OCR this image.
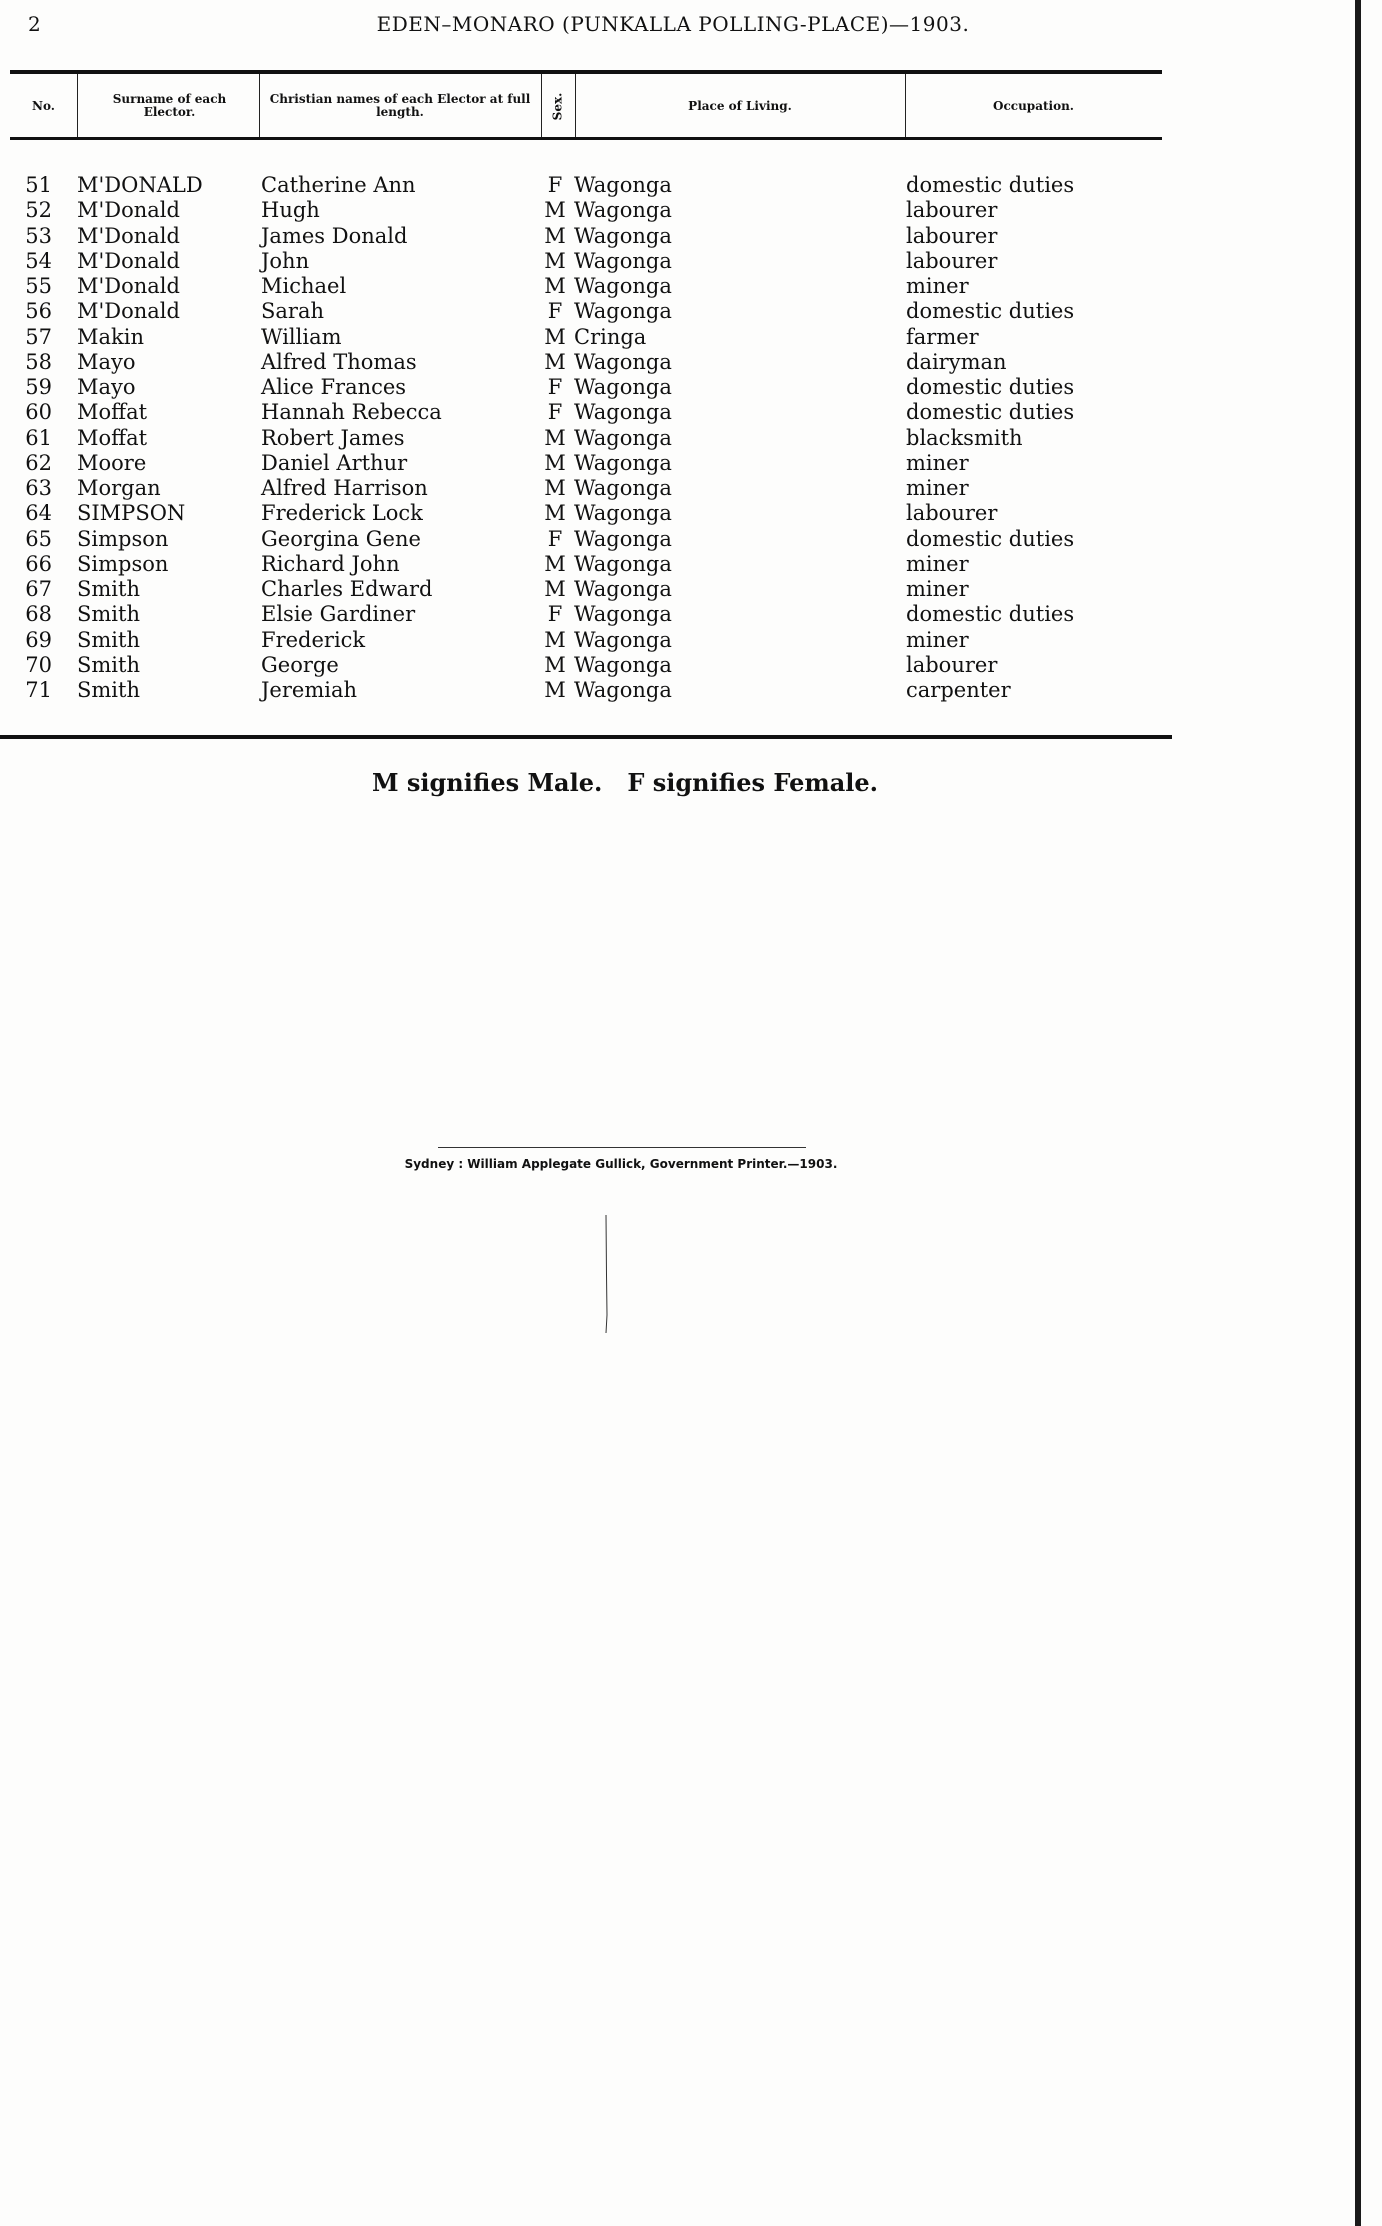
2	EDEN–MONARO (PUNKALLA POLLING-PLACE)—1903.
No.	Surname of each Elector.
Christian names of each Elector at full length.	Sex.	Place of Living.	Occupation.
51 M'DONALD	Catherine Ann	F Wagonga	domestic duties
52 M'Donald	Hugh	M Wagonga	labourer
53 M'Donald	James Donald	M Wagonga	labourer
54 M'Donald	John	M Wagonga	labourer
55 M'Donald	Michael	M Wagonga	miner
56 M'Donald	Sarah	F Wagonga	domestic duties
57 Makin	William	M Cringa	farmer
58 Mayo	Alfred Thomas	M Wagonga	dairyman
59 Mayo	Alice Frances	F Wagonga	domestic duties
60 Moffat	Hannah Rebecca	F Wagonga	domestic duties
61 Moffat	Robert James	M Wagonga	blacksmith
62 Moore	Daniel Arthur	M Wagonga	miner
63 Morgan	Alfred Harrison	M Wagonga	miner
64 SIMPSON	Frederick Lock	M Wagonga	labourer
65 Simpson	Georgina Gene	F Wagonga	domestic duties
66 Simpson	Richard John	M Wagonga	miner
67 Smith	Charles Edward	M Wagonga	miner
68 Smith	Elsie Gardiner	F Wagonga	domestic duties
69 Smith	Frederick	M Wagonga	miner
70 Smith	George	M Wagonga	labourer
71 Smith	Jeremiah	M Wagonga	carpenter
M signifies Male.   F signifies Female.
Sydney : William Applegate Gullick, Government Printer.—1903.
